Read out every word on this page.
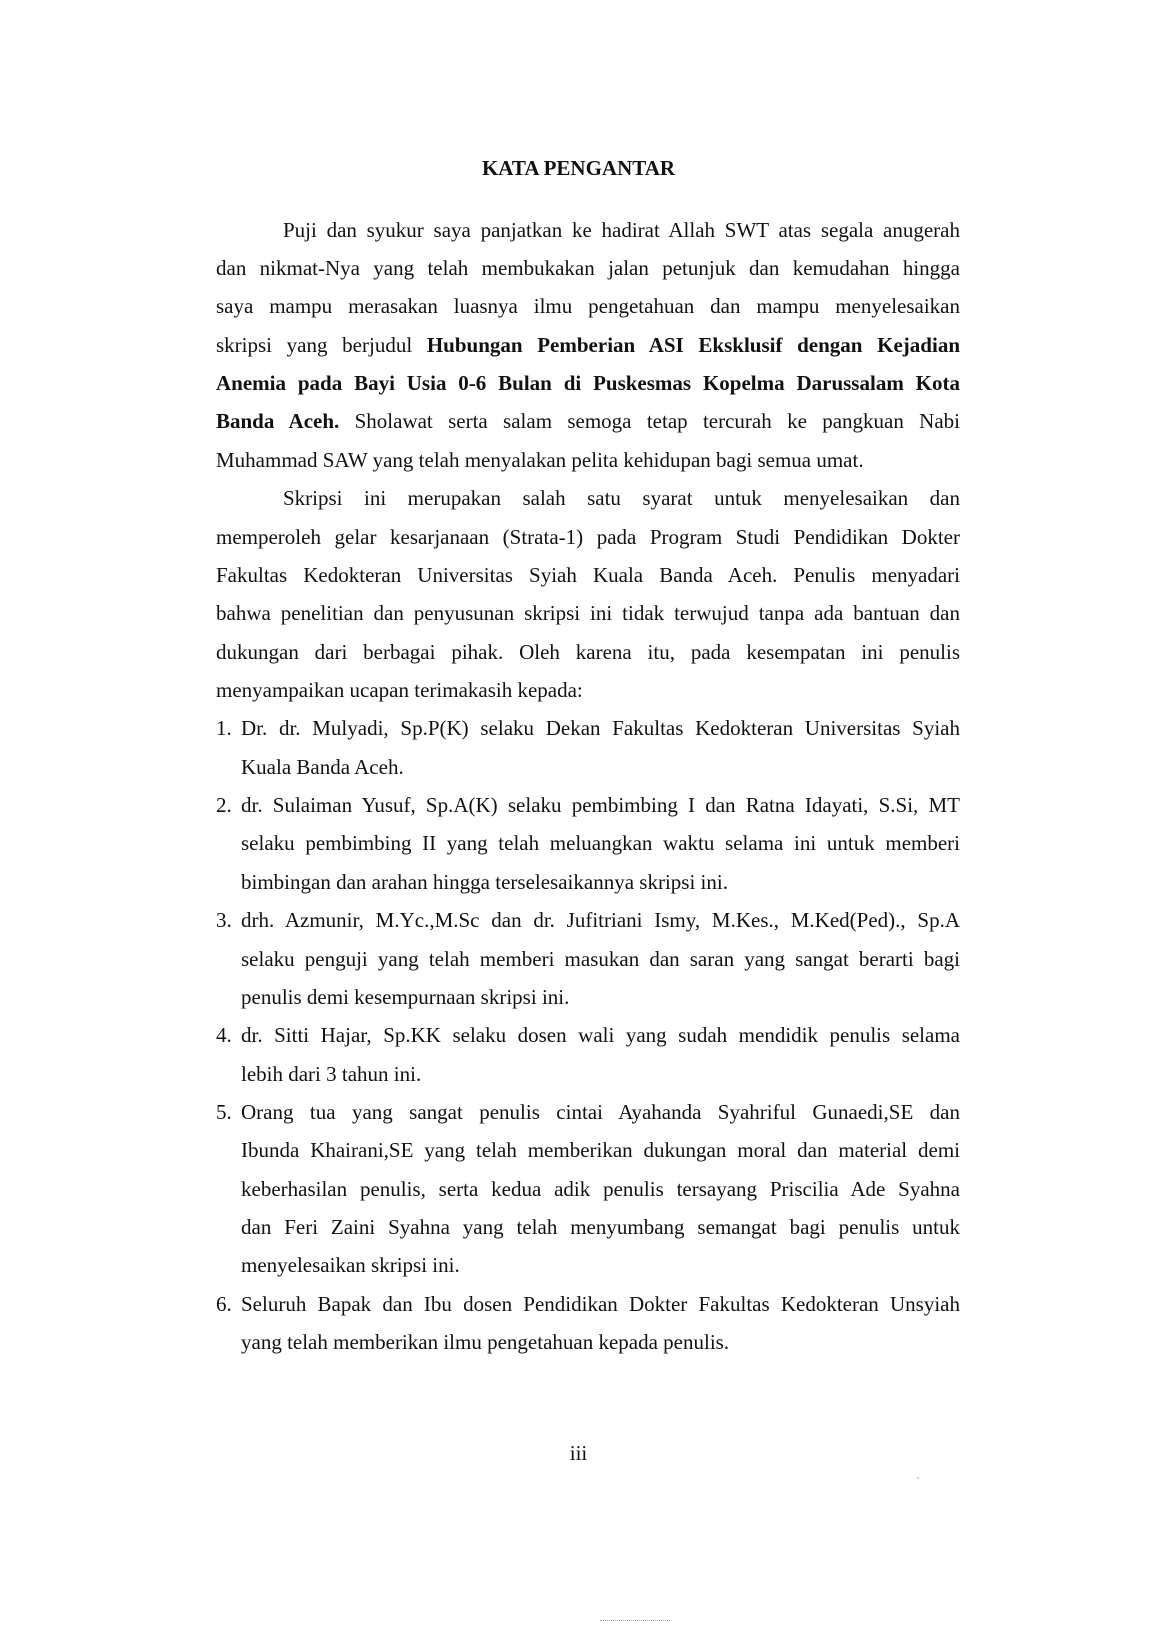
KATA PENGANTAR
Puji dan syukur saya panjatkan ke hadirat Allah SWT atas segala anugerah
dan nikmat-Nya yang telah membukakan jalan petunjuk dan kemudahan hingga
saya mampu merasakan luasnya ilmu pengetahuan dan mampu menyelesaikan
skripsi yang berjudul Hubungan Pemberian ASI Eksklusif dengan Kejadian
Anemia pada Bayi Usia 0-6 Bulan di Puskesmas Kopelma Darussalam Kota
Banda Aceh. Sholawat serta salam semoga tetap tercurah ke pangkuan Nabi
Muhammad SAW yang telah menyalakan pelita kehidupan bagi semua umat.
Skripsi ini merupakan salah satu syarat untuk menyelesaikan dan
memperoleh gelar kesarjanaan (Strata-1) pada Program Studi Pendidikan Dokter
Fakultas Kedokteran Universitas Syiah Kuala Banda Aceh. Penulis menyadari
bahwa penelitian dan penyusunan skripsi ini tidak terwujud tanpa ada bantuan dan
dukungan dari berbagai pihak. Oleh karena itu, pada kesempatan ini penulis
menyampaikan ucapan terimakasih kepada:
1. Dr. dr. Mulyadi, Sp.P(K) selaku Dekan Fakultas Kedokteran Universitas Syiah
Kuala Banda Aceh.
2. dr. Sulaiman Yusuf, Sp.A(K) selaku pembimbing I dan Ratna Idayati, S.Si, MT
selaku pembimbing II yang telah meluangkan waktu selama ini untuk memberi
bimbingan dan arahan hingga terselesaikannya skripsi ini.
3. drh. Azmunir, M.Yc.,M.Sc dan dr. Jufitriani Ismy, M.Kes., M.Ked(Ped)., Sp.A
selaku penguji yang telah memberi masukan dan saran yang sangat berarti bagi
penulis demi kesempurnaan skripsi ini.
4. dr. Sitti Hajar, Sp.KK selaku dosen wali yang sudah mendidik penulis selama
lebih dari 3 tahun ini.
5. Orang tua yang sangat penulis cintai Ayahanda Syahriful Gunaedi,SE dan
Ibunda Khairani,SE yang telah memberikan dukungan moral dan material demi
keberhasilan penulis, serta kedua adik penulis tersayang Priscilia Ade Syahna
dan Feri Zaini Syahna yang telah menyumbang semangat bagi penulis untuk
menyelesaikan skripsi ini.
6. Seluruh Bapak dan Ibu dosen Pendidikan Dokter Fakultas Kedokteran Unsyiah
yang telah memberikan ilmu pengetahuan kepada penulis.
iii
